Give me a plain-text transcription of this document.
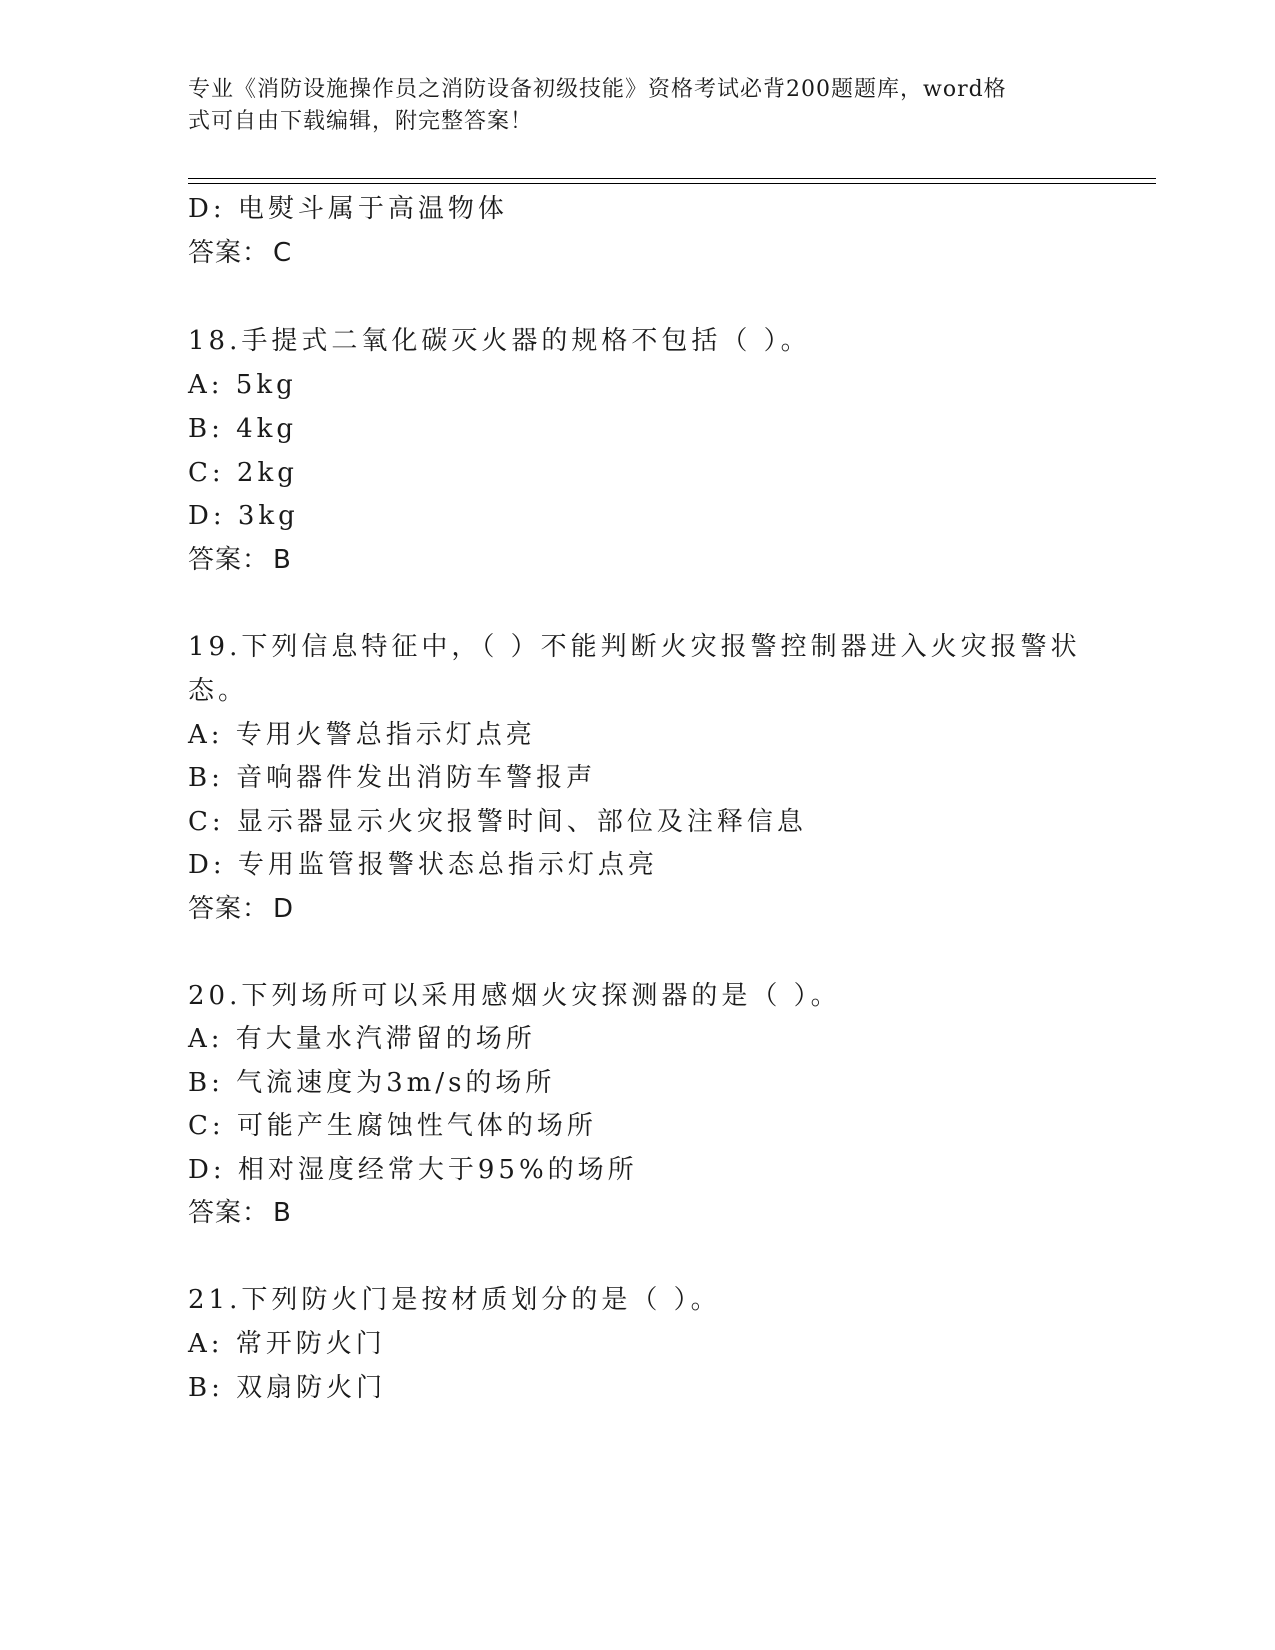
专业《消防设施操作员之消防设备初级技能》资格考试必背200题题库，word格
式可自由下载编辑，附完整答案！
D: 电熨斗属于高温物体
答案： C
18.手提式二氧化碳灭火器的规格不包括（ ）。
A: 5kg
B: 4kg
C: 2kg
D: 3kg
答案： B
19.下列信息特征中，（ ）不能判断火灾报警控制器进入火灾报警状
态。
A: 专用火警总指示灯点亮
B: 音响器件发出消防车警报声
C: 显示器显示火灾报警时间、部位及注释信息
D: 专用监管报警状态总指示灯点亮
答案： D
20.下列场所可以采用感烟火灾探测器的是（ ）。
A: 有大量水汽滞留的场所
B: 气流速度为3m/s的场所
C: 可能产生腐蚀性气体的场所
D: 相对湿度经常大于95%的场所
答案： B
21.下列防火门是按材质划分的是（ ）。
A: 常开防火门
B: 双扇防火门
